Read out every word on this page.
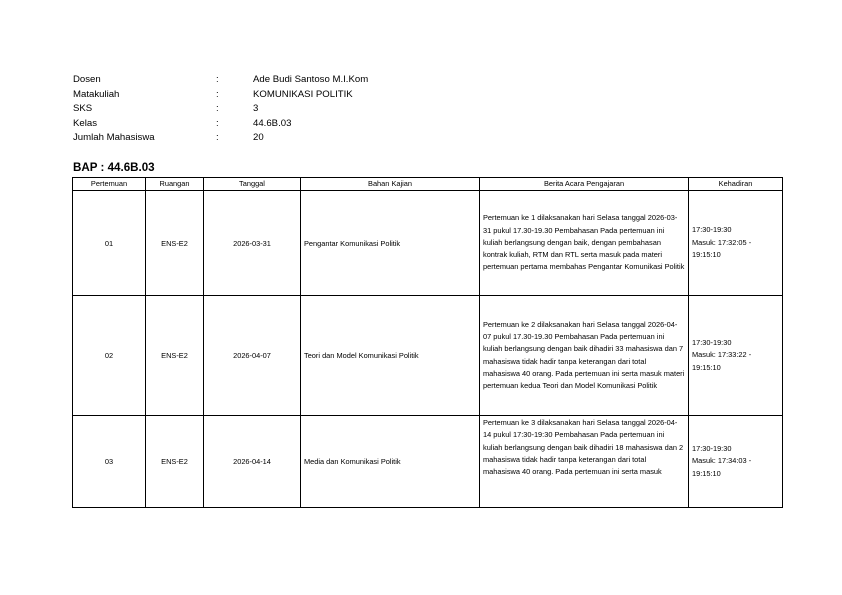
Dosen	:	Ade Budi Santoso M.I.Kom
Matakuliah	:	KOMUNIKASI POLITIK
SKS	:	3
Kelas	:	44.6B.03
Jumlah Mahasiswa	:	20
BAP : 44.6B.03
Pertemuan	Ruangan	Tanggal	Bahan Kajian	Berita Acara Pengajaran	Kehadiran
01	ENS-E2	2026-03-31	Pengantar Komunikasi Politik	Pertemuan ke 1 dilaksanakan hari Selasa tanggal 2026-03-31 pukul 17.30-19.30 Pembahasan Pada pertemuan ini kuliah berlangsung dengan baik, dengan pembahasan kontrak kuliah, RTM dan RTL serta masuk pada materi pertemuan pertama membahas Pengantar Komunikasi Politik	17:30-19:30
Masuk: 17:32:05 - 19:15:10

02	ENS-E2	2026-04-07	Teori dan Model Komunikasi Politik	Pertemuan ke 2 dilaksanakan hari Selasa tanggal 2026-04-07 pukul 17.30-19.30 Pembahasan Pada pertemuan ini kuliah berlangsung dengan baik dihadiri 33 mahasiswa dan 7 mahasiswa tidak hadir tanpa keterangan dari total mahasiswa 40 orang. Pada pertemuan ini serta masuk materi pertemuan kedua Teori dan Model Komunikasi Politik	17:30-19:30
Masuk: 17:33:22 - 19:15:10

03	ENS-E2	2026-04-14	Media dan Komunikasi Politik	Pertemuan ke 3 dilaksanakan hari Selasa tanggal 2026-04-14 pukul 17:30-19:30 Pembahasan Pada pertemuan ini kuliah berlangsung dengan baik dihadiri 18 mahasiswa dan 2 mahasiswa tidak hadir tanpa keterangan dari total mahasiswa 40 orang. Pada pertemuan ini serta masuk	17:30-19:30
Masuk: 17:34:03 - 19:15:10
